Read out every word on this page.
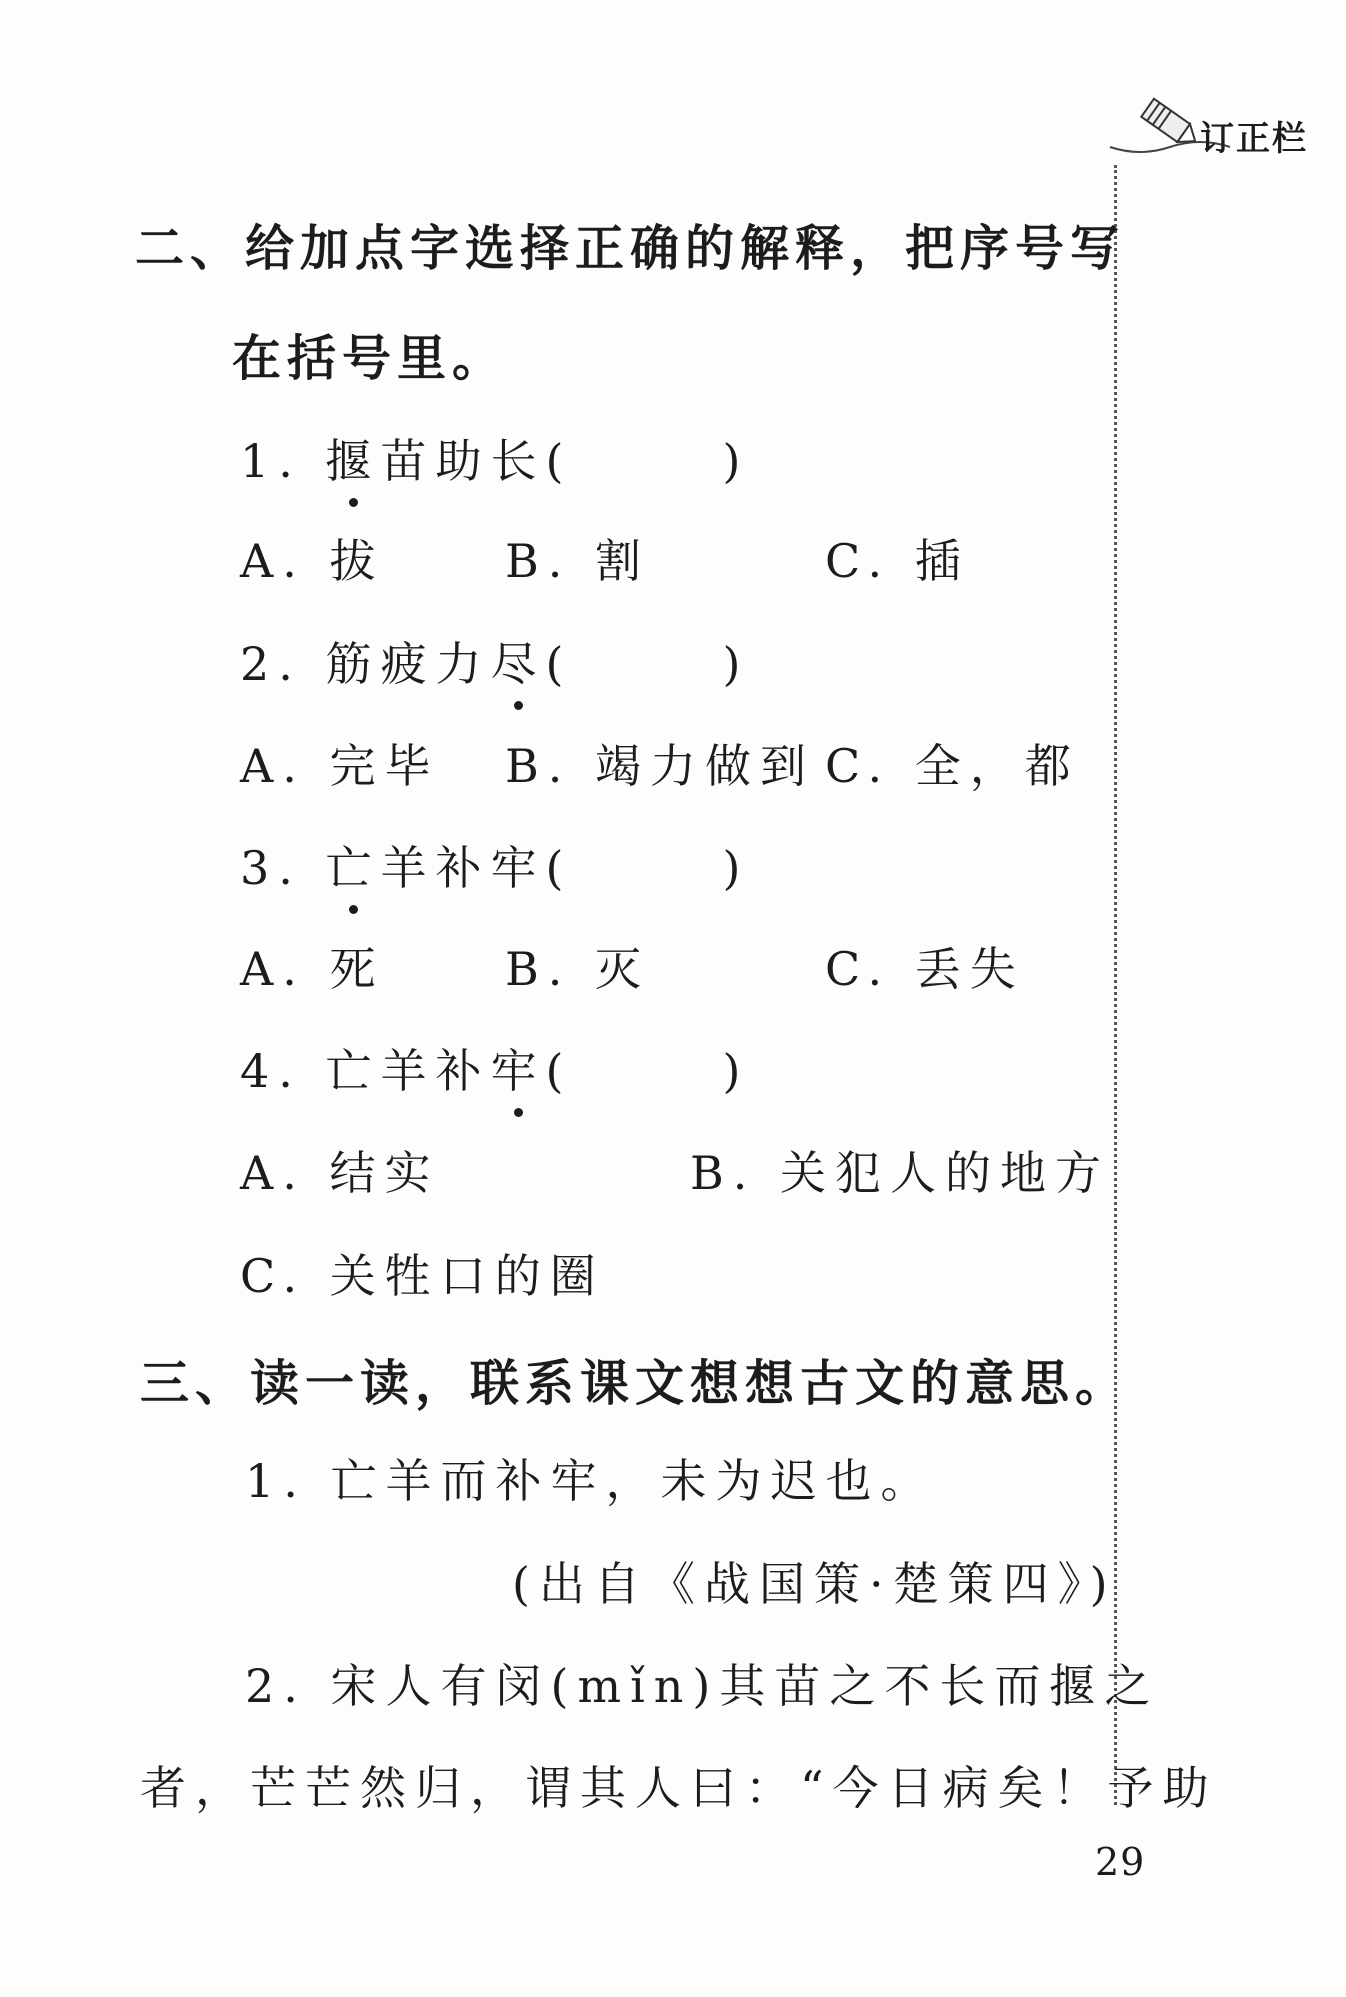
订正栏
二、给加点字选择正确的解释，把序号写
在括号里。
1. 揠苗助长(	)
A. 拔	B. 割	C. 插
2. 筋疲力尽(	)
A. 完毕 B. 竭力做到 C. 全，都
3. 亡羊补牢(	)
A. 死	B. 灭	C. 丢失
4. 亡羊补牢(	)
A. 结实	B. 关犯人的地方
C. 关牲口的圈
三、读一读，联系课文想想古文的意思。
1. 亡羊而补牢，未为迟也。
(出自《战国策·楚策四》)
2. 宋人有闵(mǐn)其苗之不长而揠之
者，芒芒然归，谓其人曰：“今日病矣！予助
29
